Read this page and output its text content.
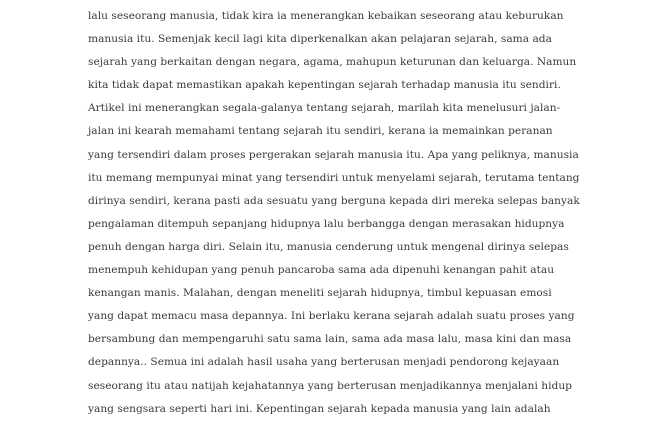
lalu seseorang manusia, tidak kira ia menerangkan kebaikan seseorang atau keburukan
manusia itu. Semenjak kecil lagi kita diperkenalkan akan pelajaran sejarah, sama ada
sejarah yang berkaitan dengan negara, agama, mahupun keturunan dan keluarga. Namun
kita tidak dapat memastikan apakah kepentingan sejarah terhadap manusia itu sendiri.
Artikel ini menerangkan segala-galanya tentang sejarah, marilah kita menelusuri jalan-
jalan ini kearah memahami tentang sejarah itu sendiri, kerana ia memainkan peranan
yang tersendiri dalam proses pergerakan sejarah manusia itu. Apa yang peliknya, manusia
itu memang mempunyai minat yang tersendiri untuk menyelami sejarah, terutama tentang
dirinya sendiri, kerana pasti ada sesuatu yang berguna kepada diri mereka selepas banyak
pengalaman ditempuh sepanjang hidupnya lalu berbangga dengan merasakan hidupnya
penuh dengan harga diri. Selain itu, manusia cenderung untuk mengenal dirinya selepas
menempuh kehidupan yang penuh pancaroba sama ada dipenuhi kenangan pahit atau
kenangan manis. Malahan, dengan meneliti sejarah hidupnya, timbul kepuasan emosi
yang dapat memacu masa depannya. Ini berlaku kerana sejarah adalah suatu proses yang
bersambung dan mempengaruhi satu sama lain, sama ada masa lalu, masa kini dan masa
depannya.. Semua ini adalah hasil usaha yang berterusan menjadi pendorong kejayaan
seseorang itu atau natijah kejahatannya yang berterusan menjadikannya menjalani hidup
yang sengsara seperti hari ini. Kepentingan sejarah kepada manusia yang lain adalah
